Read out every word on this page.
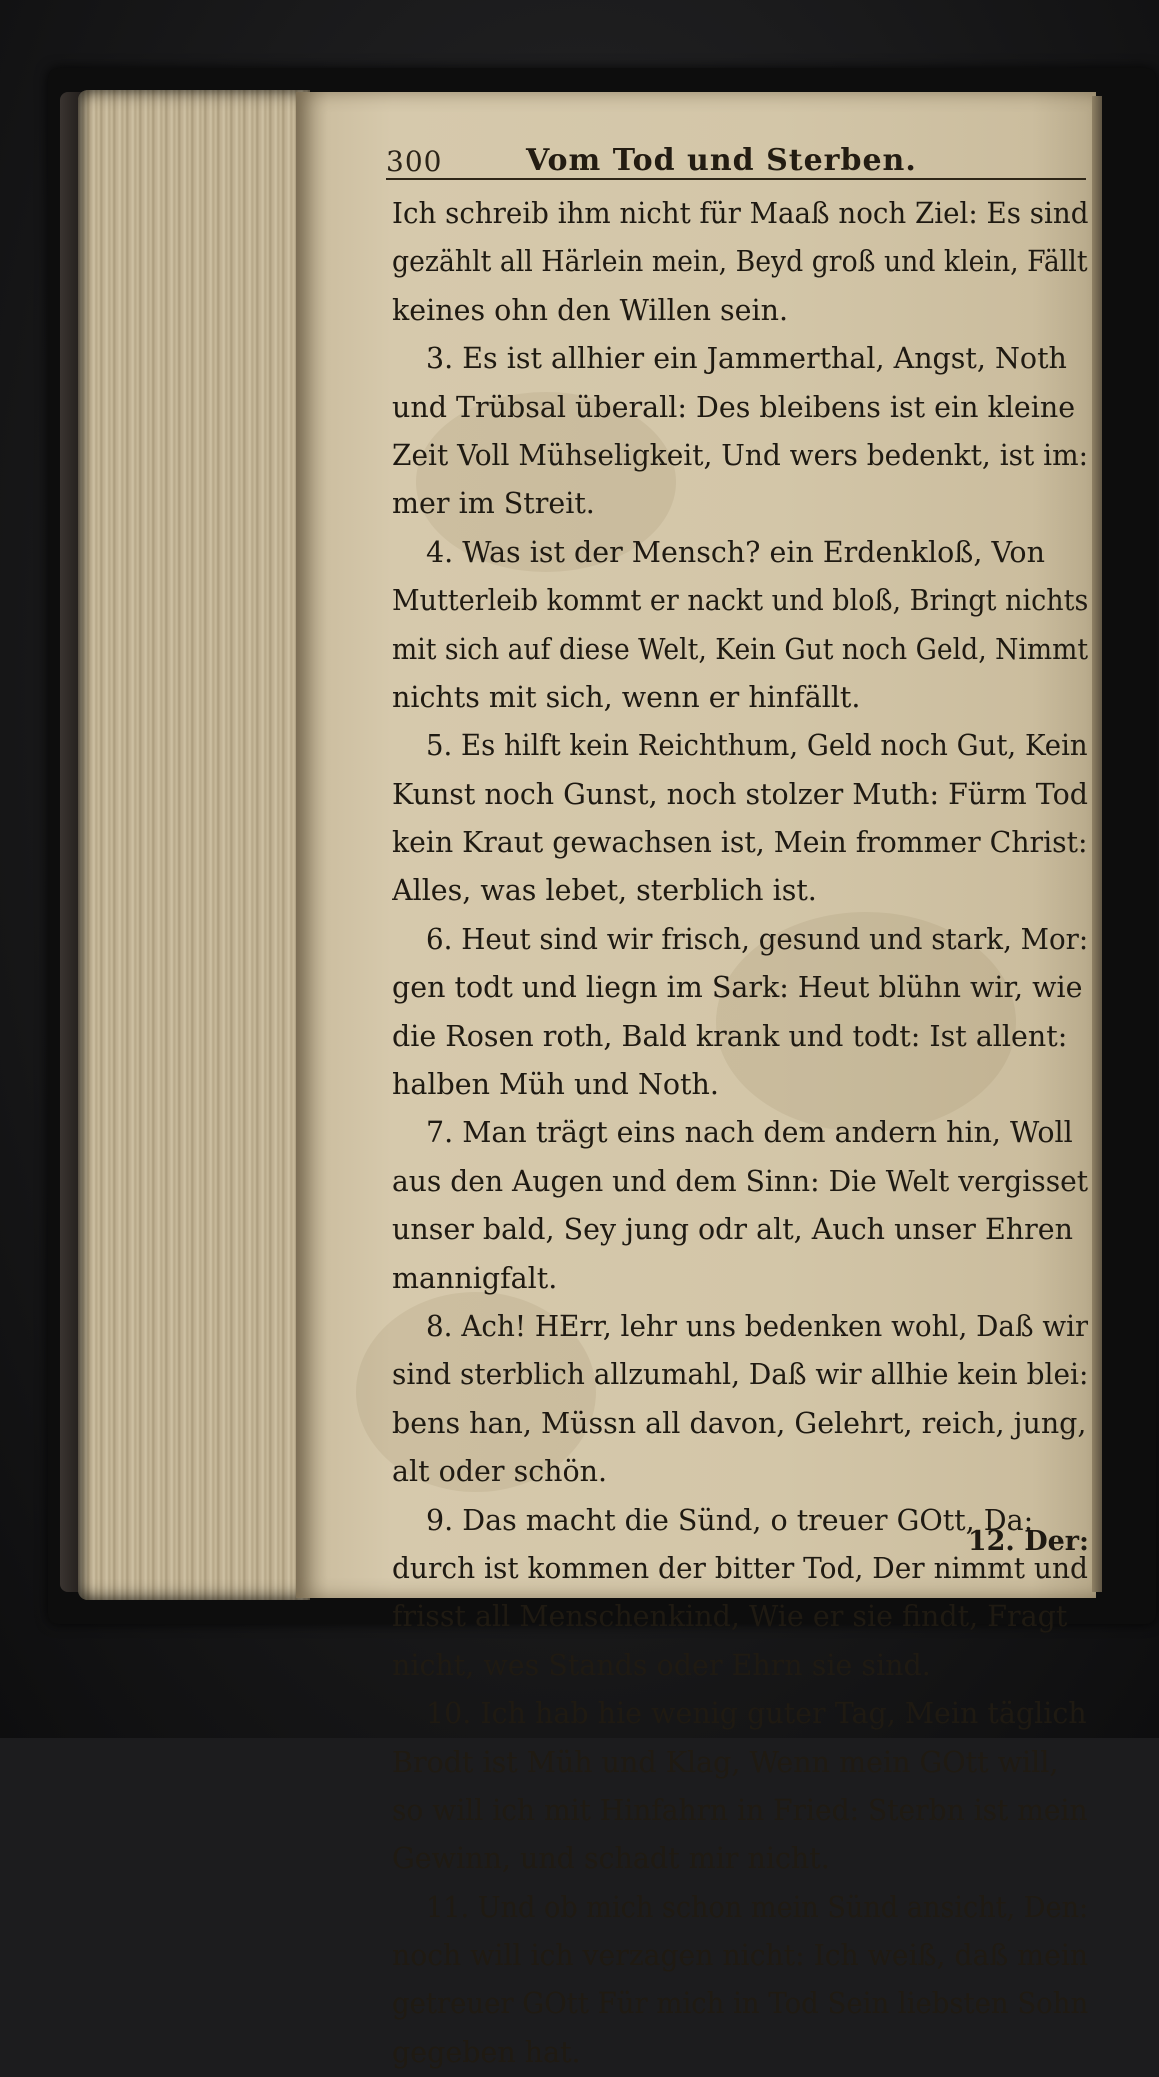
300	Vom Tod und Sterben.
Ich schreib ihm nicht für Maaß noch Ziel: Es sind
gezählt all Härlein mein, Beyd groß und klein, Fällt
keines ohn den Willen sein.
3. Es ist allhier ein Jammerthal, Angst, Noth
und Trübsal überall: Des bleibens ist ein kleine
Zeit Voll Mühseligkeit, Und wers bedenkt, ist im:
mer im Streit.
4. Was ist der Mensch? ein Erdenkloß, Von
Mutterleib kommt er nackt und bloß, Bringt nichts
mit sich auf diese Welt, Kein Gut noch Geld, Nimmt
nichts mit sich, wenn er hinfällt.
5. Es hilft kein Reichthum, Geld noch Gut, Kein
Kunst noch Gunst, noch stolzer Muth: Fürm Tod
kein Kraut gewachsen ist, Mein frommer Christ:
Alles, was lebet, sterblich ist.
6. Heut sind wir frisch, gesund und stark, Mor:
gen todt und liegn im Sark: Heut blühn wir, wie
die Rosen roth, Bald krank und todt: Ist allent:
halben Müh und Noth.
7. Man trägt eins nach dem andern hin, Woll
aus den Augen und dem Sinn: Die Welt vergisset
unser bald, Sey jung odr alt, Auch unser Ehren
mannigfalt.
8. Ach! HErr, lehr uns bedenken wohl, Daß wir
sind sterblich allzumahl, Daß wir allhie kein blei:
bens han, Müssn all davon, Gelehrt, reich, jung,
alt oder schön.
9. Das macht die Sünd, o treuer GOtt, Da:
durch ist kommen der bitter Tod, Der nimmt und
frisst all Menschenkind, Wie er sie findt, Fragt
nicht, wes Stands oder Ehrn sie sind.
10. Ich hab hie wenig guter Tag, Mein täglich
Brodt ist Müh und Klag, Wenn mein GOtt will,
so will ich mit Hinfahrn in Fried: Sterbn ist mein
Gewinn, und schadt mir nicht.
11. Und ob mich schon mein Sünd ansicht, Den:
noch will ich verzagen nicht: Ich weiß, daß mein
getreuer GOtt Für mich in Tod Sein liebsten Sohn
gegeben hat.
12. Der:
